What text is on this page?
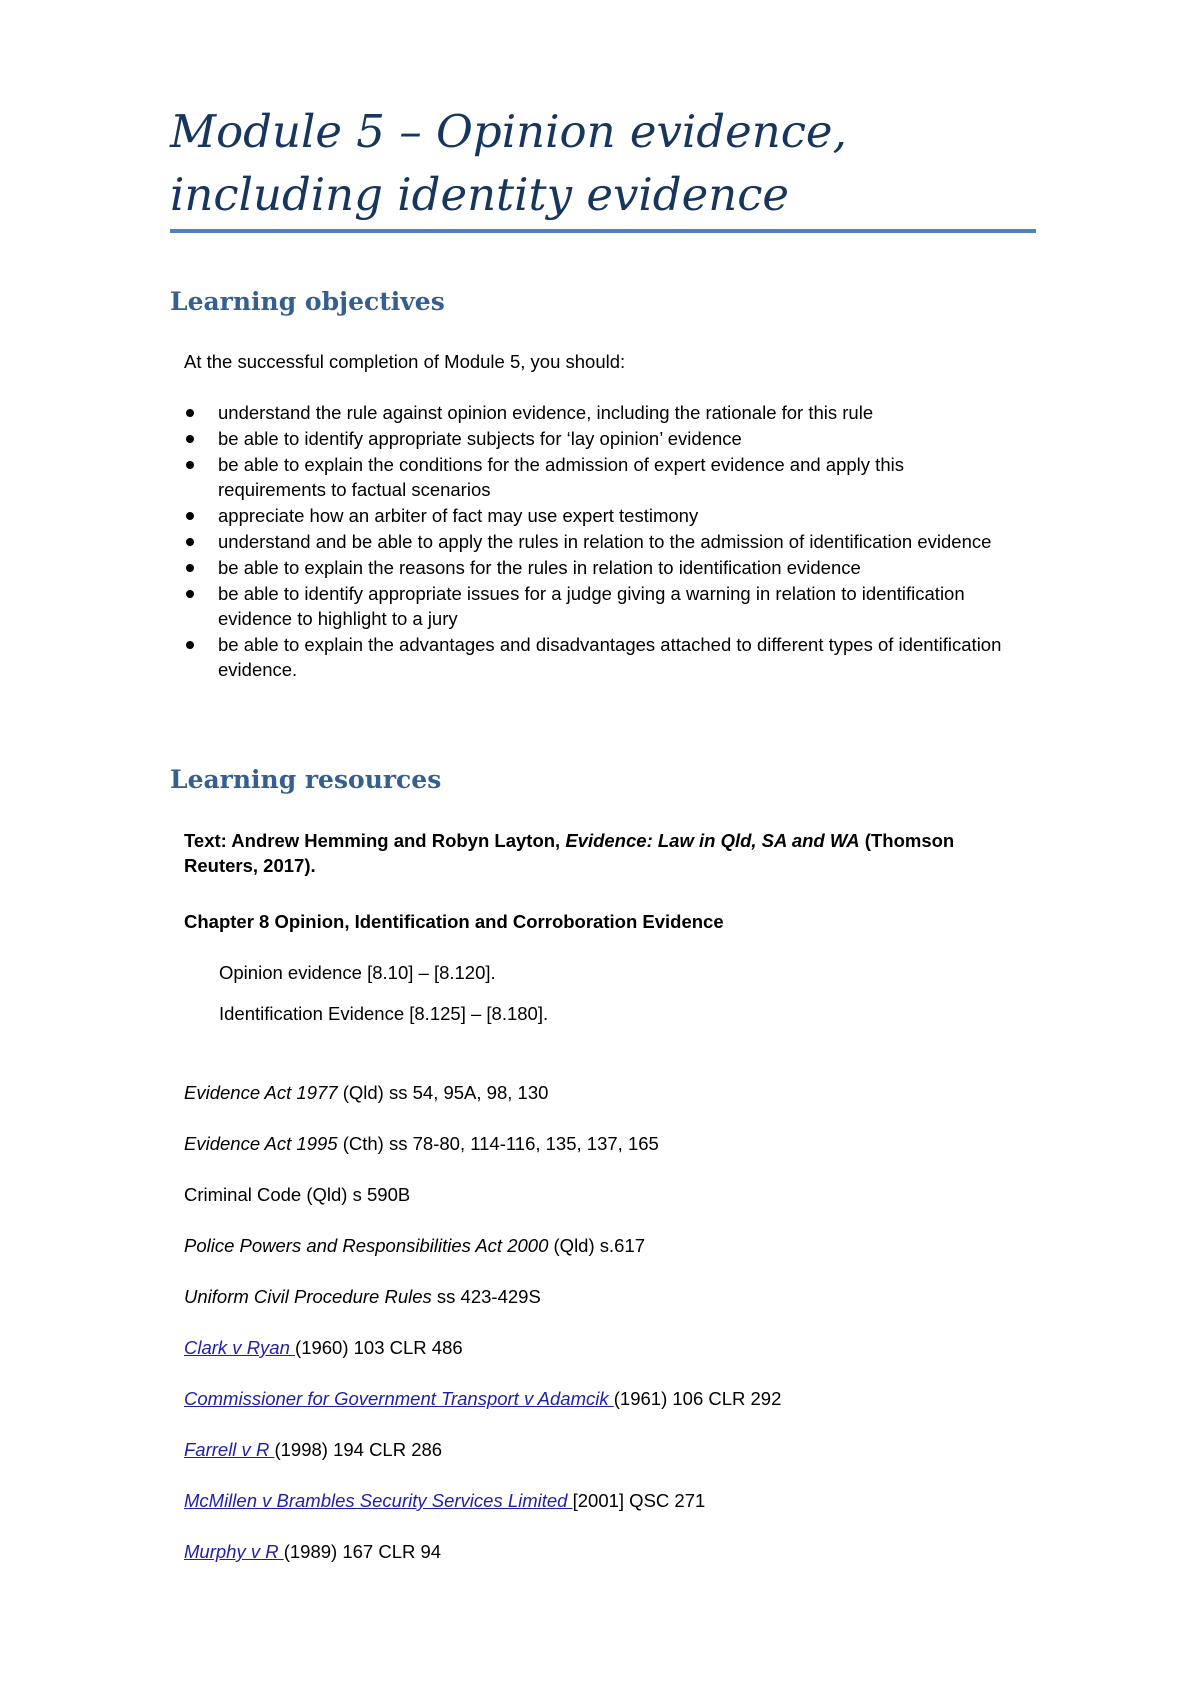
Module 5 – Opinion evidence, including identity evidence
Learning objectives

At the successful completion of Module 5, you should:

understand the rule against opinion evidence, including the rationale for this rule
be able to identify appropriate subjects for ‘lay opinion’ evidence
be able to explain the conditions for the admission of expert evidence and apply this requirements to factual scenarios
appreciate how an arbiter of fact may use expert testimony
understand and be able to apply the rules in relation to the admission of identification evidence
be able to explain the reasons for the rules in relation to identification evidence
be able to identify appropriate issues for a judge giving a warning in relation to identification evidence to highlight to a jury
be able to explain the advantages and disadvantages attached to different types of identification evidence.
Learning resources

Text: Andrew Hemming and Robyn Layton, Evidence: Law in Qld, SA and WA (Thomson Reuters, 2017).

Chapter 8 Opinion, Identification and Corroboration Evidence

Opinion evidence [8.10] – [8.120].

Identification Evidence [8.125] – [8.180].

Evidence Act 1977 (Qld) ss 54, 95A, 98, 130

Evidence Act 1995 (Cth) ss 78-80, 114-116, 135, 137, 165

Criminal Code (Qld) s 590B

Police Powers and Responsibilities Act 2000 (Qld) s.617

Uniform Civil Procedure Rules ss 423-429S

Clark v Ryan (1960) 103 CLR 486

Commissioner for Government Transport v Adamcik (1961) 106 CLR 292

Farrell v R (1998) 194 CLR 286

McMillen v Brambles Security Services Limited [2001] QSC 271

Murphy v R (1989) 167 CLR 94
